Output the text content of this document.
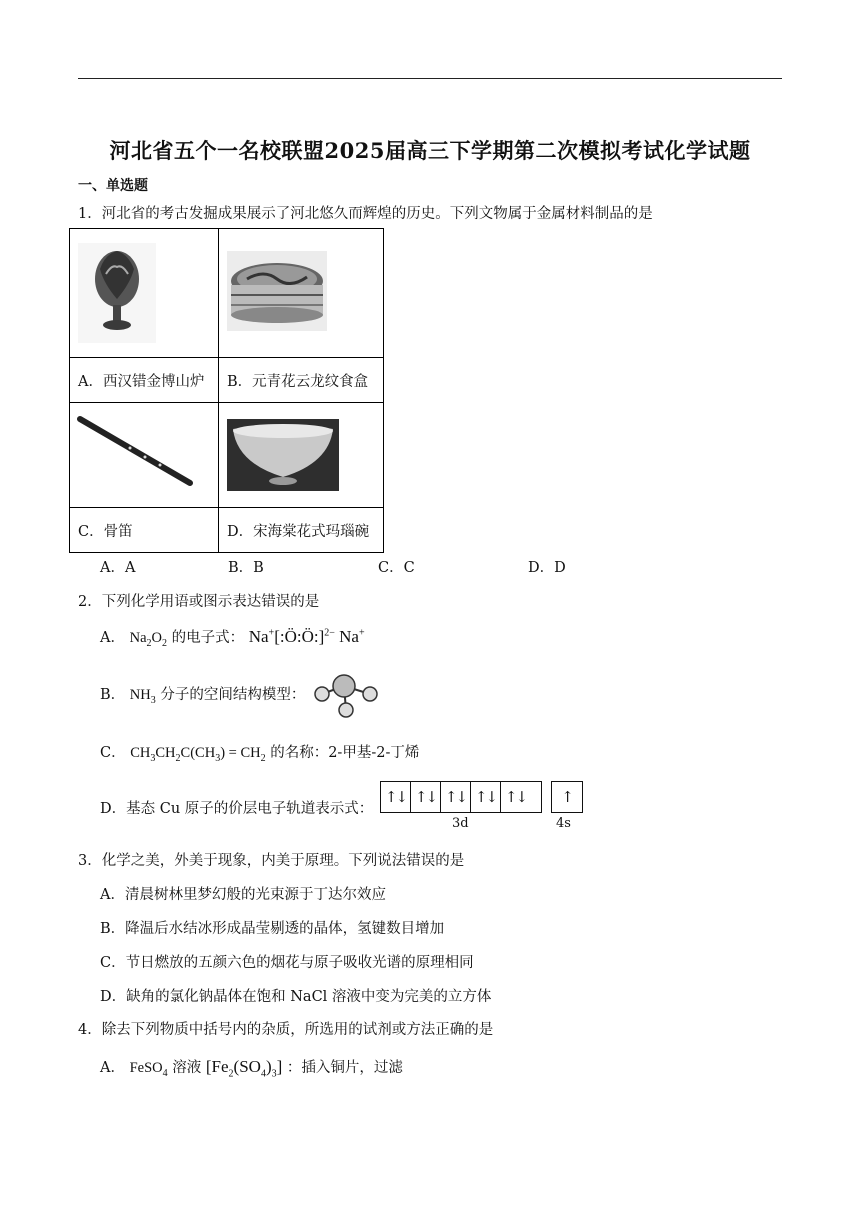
河北省五个一名校联盟2025届高三下学期第二次模拟考试化学试题
一、单选题
1．河北省的考古发掘成果展示了河北悠久而辉煌的历史。下列文物属于金属材料制品的是

A．西汉错金博山炉	B．元青花云龙纹食盒

C．骨笛	D．宋海棠花式玛瑙碗
A．A	B．B	C．C	D．D
2．下列化学用语或图示表达错误的是
A． $Na_2O_2$ 的电子式： Na+[:Ö:Ö:]$^{2-}$ Na+
B． $NH_3$ 分子的空间结构模型：
C． $CH_3CH_2C(CH_3) = CH_2$ 的名称：2-甲基-2-丁烯
D．基态 Cu 原子的价层电子轨道表示式：
↑↓ ↑↓ ↑↓ ↑↓ ↑↓	↑
3d	4s
3．化学之美，外美于现象，内美于原理。下列说法错误的是
A．清晨树林里梦幻般的光束源于丁达尔效应
B．降温后水结冰形成晶莹剔透的晶体，氢键数目增加
C．节日燃放的五颜六色的烟花与原子吸收光谱的原理相同
D．缺角的氯化钠晶体在饱和 NaCl 溶液中变为完美的立方体
4．除去下列物质中括号内的杂质，所选用的试剂或方法正确的是
A． FeSO$_4$ 溶液 $[Fe_2(SO_4)_3]$ ：插入铜片，过滤
